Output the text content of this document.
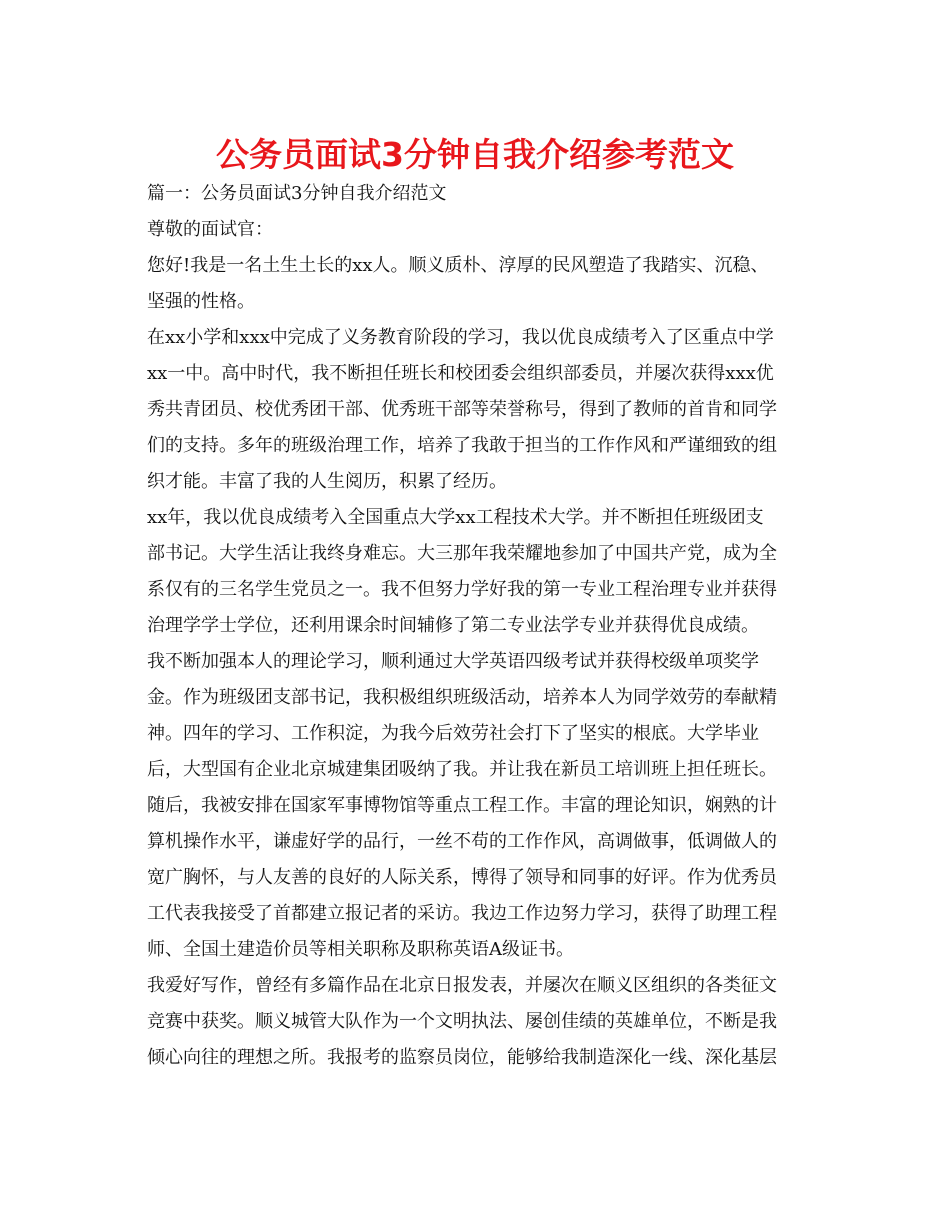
公务员面试3分钟自我介绍参考范文
篇一：公务员面试3分钟自我介绍范文
尊敬的面试官：
您好!我是一名土生土长的xx人。顺义质朴、淳厚的民风塑造了我踏实、沉稳、
坚强的性格。
在xx小学和xxx中完成了义务教育阶段的学习，我以优良成绩考入了区重点中学
xx一中。高中时代，我不断担任班长和校团委会组织部委员，并屡次获得xxx优
秀共青团员、校优秀团干部、优秀班干部等荣誉称号，得到了教师的首肯和同学
们的支持。多年的班级治理工作，培养了我敢于担当的工作作风和严谨细致的组
织才能。丰富了我的人生阅历，积累了经历。
xx年，我以优良成绩考入全国重点大学xx工程技术大学。并不断担任班级团支
部书记。大学生活让我终身难忘。大三那年我荣耀地参加了中国共产党，成为全
系仅有的三名学生党员之一。我不但努力学好我的第一专业工程治理专业并获得
治理学学士学位，还利用课余时间辅修了第二专业法学专业并获得优良成绩。
我不断加强本人的理论学习，顺利通过大学英语四级考试并获得校级单项奖学
金。作为班级团支部书记，我积极组织班级活动，培养本人为同学效劳的奉献精
神。四年的学习、工作积淀，为我今后效劳社会打下了坚实的根底。大学毕业
后，大型国有企业北京城建集团吸纳了我。并让我在新员工培训班上担任班长。
随后，我被安排在国家军事博物馆等重点工程工作。丰富的理论知识，娴熟的计
算机操作水平，谦虚好学的品行，一丝不苟的工作作风，高调做事，低调做人的
宽广胸怀，与人友善的良好的人际关系，博得了领导和同事的好评。作为优秀员
工代表我接受了首都建立报记者的采访。我边工作边努力学习，获得了助理工程
师、全国土建造价员等相关职称及职称英语A级证书。
我爱好写作，曾经有多篇作品在北京日报发表，并屡次在顺义区组织的各类征文
竞赛中获奖。顺义城管大队作为一个文明执法、屡创佳绩的英雄单位，不断是我
倾心向往的理想之所。我报考的监察员岗位，能够给我制造深化一线、深化基层
